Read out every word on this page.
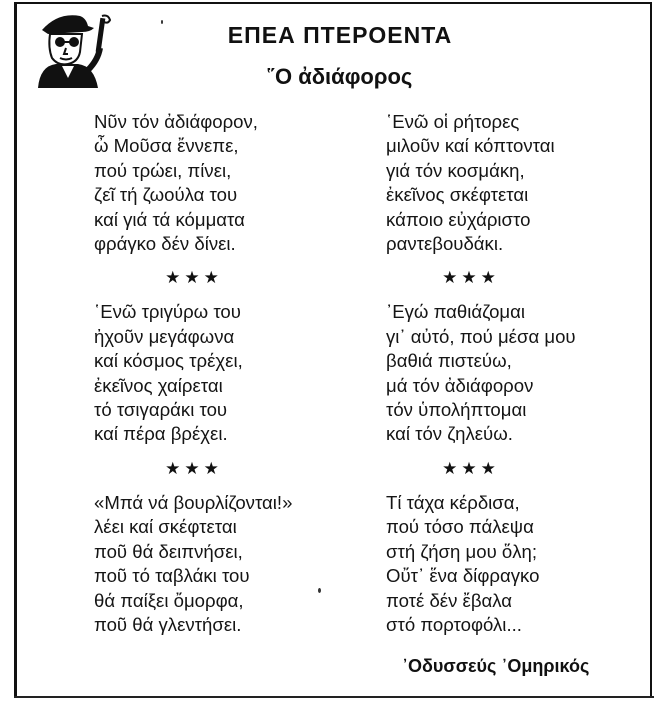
ΕΠΕΑ ΠΤΕΡΟΕΝΤΑ
῞Ο ἀδιάφορος
Νῦν τόν ἀδιάφορον,
ὦ Μοῦσα ἔννεπε,
πού τρώει, πίνει,
ζεῖ τή ζωούλα του
καί γιά τά κόμματα
φράγκο δέν δίνει.
★★★
῾Ενῶ τριγύρω του
ἠχοῦν μεγάφωνα
καί κόσμος τρέχει,
ἐκεῖνος χαίρεται
τό τσιγαράκι του
καί πέρα βρέχει.
★★★
«Μπά νά βουρλίζονται!»
λέει καί σκέφτεται
ποῦ θά δειπνήσει,
ποῦ τό ταβλάκι του
θά παίξει ὄμορφα,
ποῦ θά γλεντήσει.
῾Ενῶ οἱ ρήτορες
μιλοῦν καί κόπτονται
γιά τόν κοσμάκη,
ἐκεῖνος σκέφτεται
κάποιο εὐχάριστο
ραντεβουδάκι.
★★★
᾽Εγώ παθιάζομαι
γι᾽ αὐτό, πού μέσα μου
βαθιά πιστεύω,
μά τόν ἀδιάφορον
τόν ὑπολήπτομαι
καί τόν ζηλεύω.
★★★
Τί τάχα κέρδισα,
πού τόσο πάλεψα
στή ζήση μου ὅλη;
Οὔτ᾽ ἕνα δίφραγκο
ποτέ δέν ἔβαλα
στό πορτοφόλι...
᾽Οδυσσεύς ᾽Ομηρικός
